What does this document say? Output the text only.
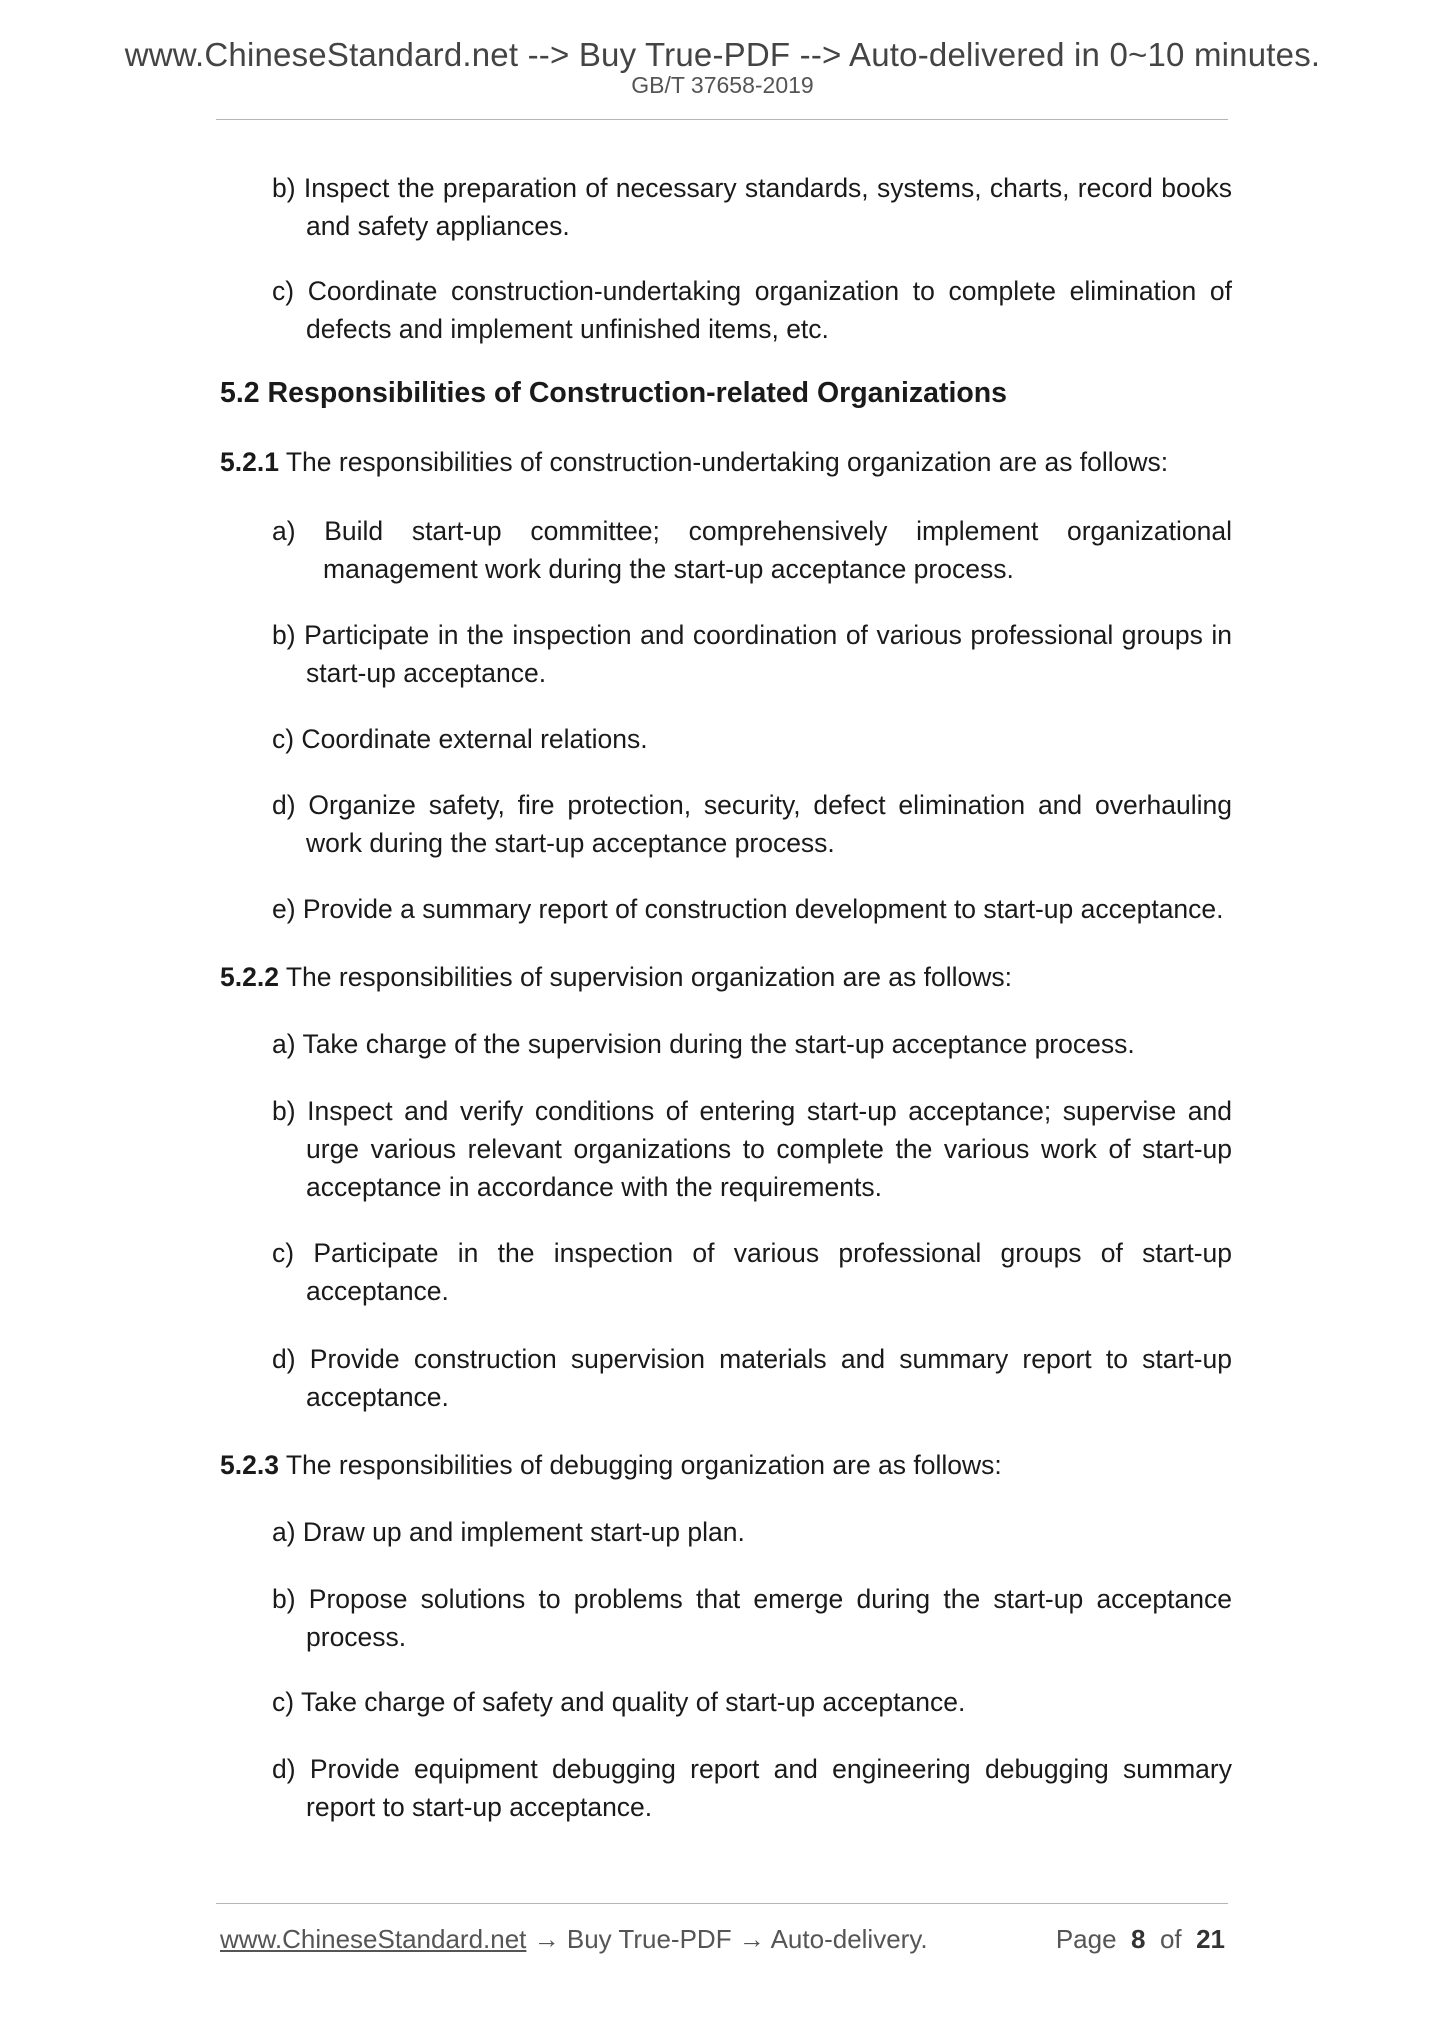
www.ChineseStandard.net --> Buy True-PDF --> Auto-delivered in 0~10 minutes.
GB/T 37658-2019

b) Inspect the preparation of necessary standards, systems, charts, record books and safety appliances.

c) Coordinate construction-undertaking organization to complete elimination of defects and implement unfinished items, etc.

5.2 Responsibilities of Construction-related Organizations

5.2.1 The responsibilities of construction-undertaking organization are as follows:

a) Build start-up committee; comprehensively implement organizational management work during the start-up acceptance process.

b) Participate in the inspection and coordination of various professional groups in start-up acceptance.

c) Coordinate external relations.

d) Organize safety, fire protection, security, defect elimination and overhauling work during the start-up acceptance process.

e) Provide a summary report of construction development to start-up acceptance.

5.2.2 The responsibilities of supervision organization are as follows:

a) Take charge of the supervision during the start-up acceptance process.

b) Inspect and verify conditions of entering start-up acceptance; supervise and urge various relevant organizations to complete the various work of start-up acceptance in accordance with the requirements.

c) Participate in the inspection of various professional groups of start-up acceptance.

d) Provide construction supervision materials and summary report to start-up acceptance.

5.2.3 The responsibilities of debugging organization are as follows:

a) Draw up and implement start-up plan.

b) Propose solutions to problems that emerge during the start-up acceptance process.

c) Take charge of safety and quality of start-up acceptance.

d) Provide equipment debugging report and engineering debugging summary report to start-up acceptance.

www.ChineseStandard.net → Buy True-PDF → Auto-delivery.	Page 8 of 21
